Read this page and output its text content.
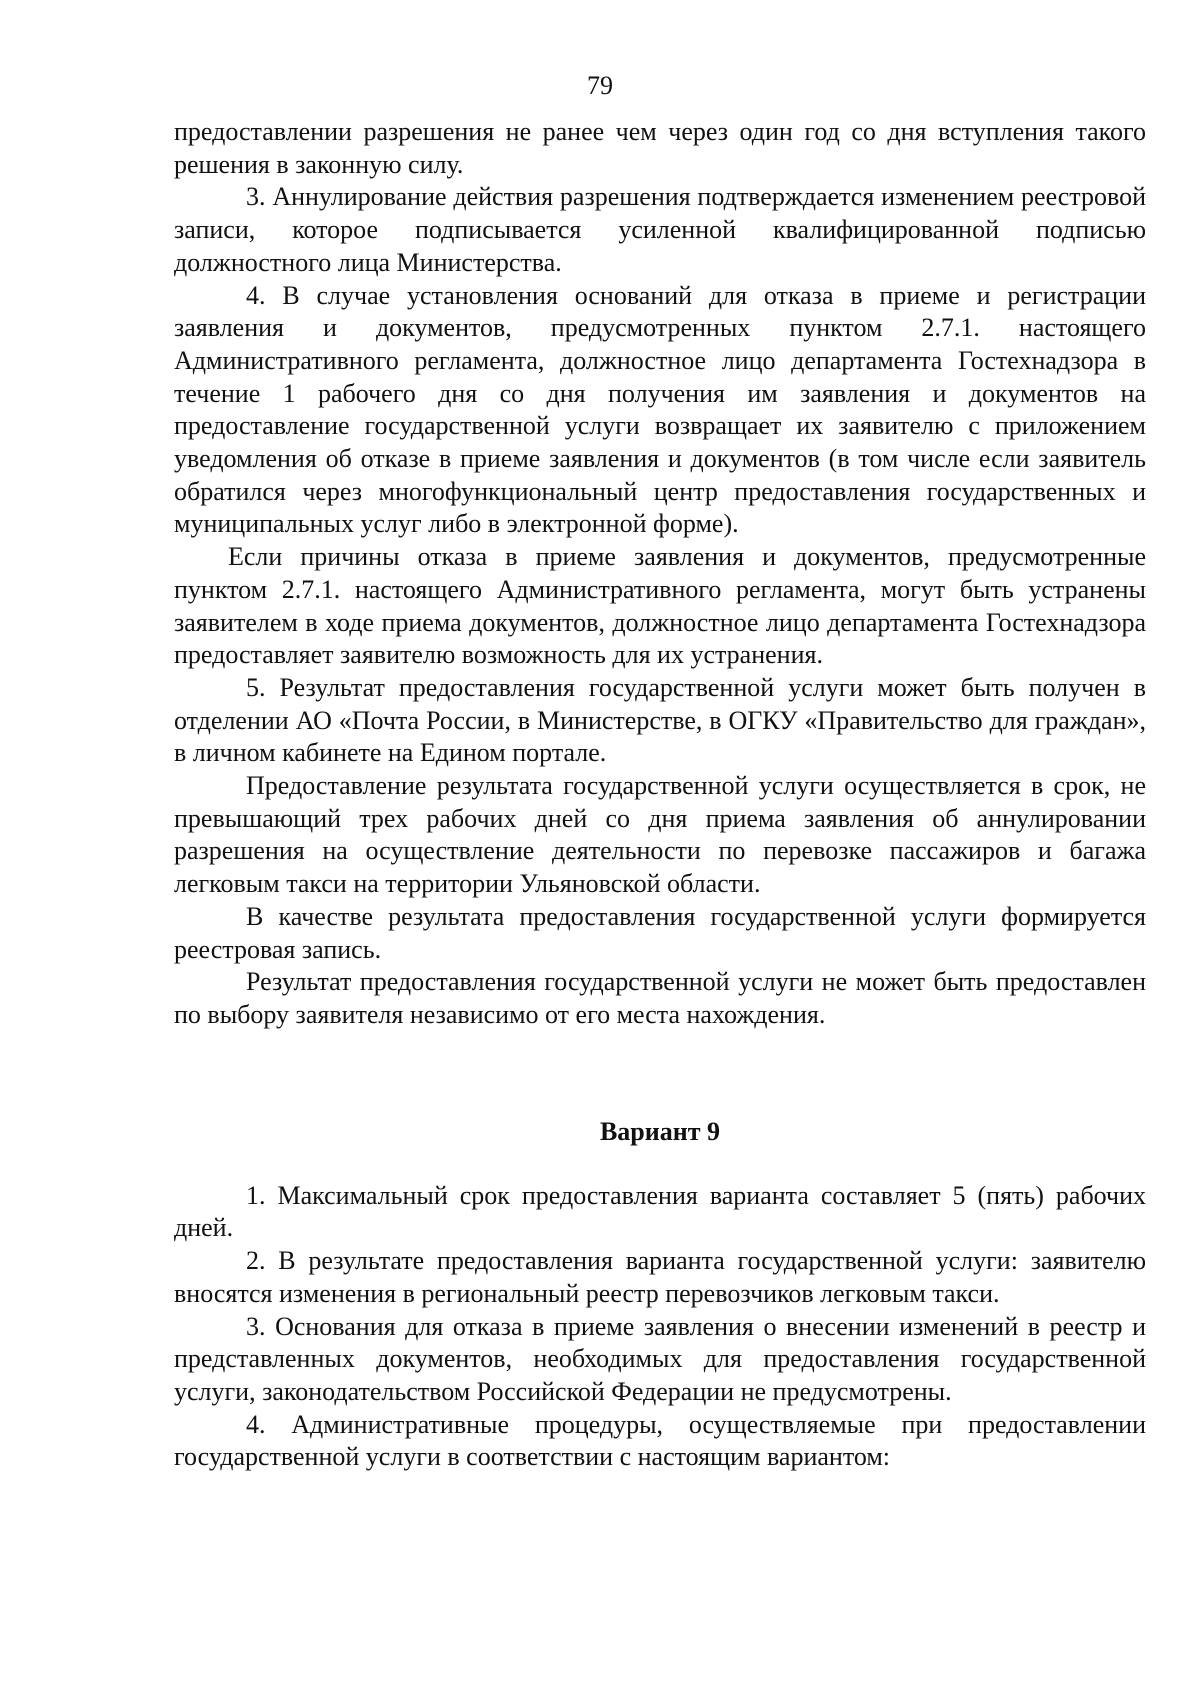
79

предоставлении разрешения не ранее чем через один год со дня вступления такого решения в законную силу.

3. Аннулирование действия разрешения подтверждается изменением реестровой записи, которое подписывается усиленной квалифицированной подписью должностного лица Министерства.

4. В случае установления оснований для отказа в приеме и регистрации заявления и документов, предусмотренных пунктом 2.7.1. настоящего Административного регламента, должностное лицо департамента Гостехнадзора в течение 1 рабочего дня со дня получения им заявления и документов на предоставление государственной услуги возвращает их заявителю с приложением уведомления об отказе в приеме заявления и документов (в том числе если заявитель обратился через многофункциональный центр предоставления государственных и муниципальных услуг либо в электронной форме).

Если причины отказа в приеме заявления и документов, предусмотренные пунктом 2.7.1. настоящего Административного регламента, могут быть устранены заявителем в ходе приема документов, должностное лицо департамента Гостехнадзора предоставляет заявителю возможность для их устранения.

5. Результат предоставления государственной услуги может быть получен в отделении АО «Почта России, в Министерстве, в ОГКУ «Правительство для граждан», в личном кабинете на Едином портале.

Предоставление результата государственной услуги осуществляется в срок, не превышающий трех рабочих дней со дня приема заявления об аннулировании разрешения на осуществление деятельности по перевозке пассажиров и багажа легковым такси на территории Ульяновской области.

В качестве результата предоставления государственной услуги формируется реестровая запись.

Результат предоставления государственной услуги не может быть предоставлен по выбору заявителя независимо от его места нахождения.

Вариант 9

1. Максимальный срок предоставления варианта составляет 5 (пять) рабочих дней.

2. В результате предоставления варианта государственной услуги: заявителю вносятся изменения в региональный реестр перевозчиков легковым такси.

3. Основания для отказа в приеме заявления о внесении изменений в реестр и представленных документов, необходимых для предоставления государственной услуги, законодательством Российской Федерации не предусмотрены.

4. Административные процедуры, осуществляемые при предоставлении государственной услуги в соответствии с настоящим вариантом:
